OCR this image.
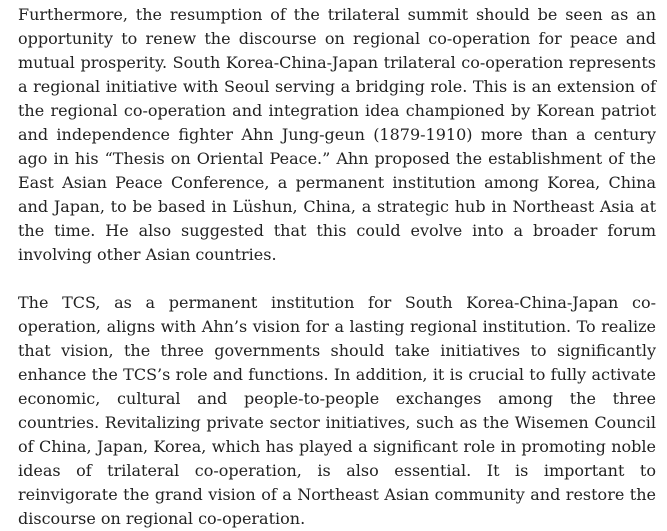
Furthermore, the resumption of the trilateral summit should be seen as an opportunity to renew the discourse on regional co-operation for peace and mutual prosperity. South Korea-China-Japan trilateral co-operation represents a regional initiative with Seoul serving a bridging role. This is an extension of the regional co-operation and integration idea championed by Korean patriot and independence fighter Ahn Jung-geun (1879-1910) more than a century ago in his “Thesis on Oriental Peace.” Ahn proposed the establishment of the East Asian Peace Conference, a permanent institution among Korea, China and Japan, to be based in Lüshun, China, a strategic hub in Northeast Asia at the time. He also suggested that this could evolve into a broader forum involving other Asian countries.

The TCS, as a permanent institution for South Korea-China-Japan co-operation, aligns with Ahn’s vision for a lasting regional institution. To realize that vision, the three governments should take initiatives to significantly enhance the TCS’s role and functions. In addition, it is crucial to fully activate economic, cultural and people-to-people exchanges among the three countries. Revitalizing private sector initiatives, such as the Wisemen Council of China, Japan, Korea, which has played a significant role in promoting noble ideas of trilateral co-operation, is also essential. It is important to reinvigorate the grand vision of a Northeast Asian community and restore the discourse on regional co-operation.
